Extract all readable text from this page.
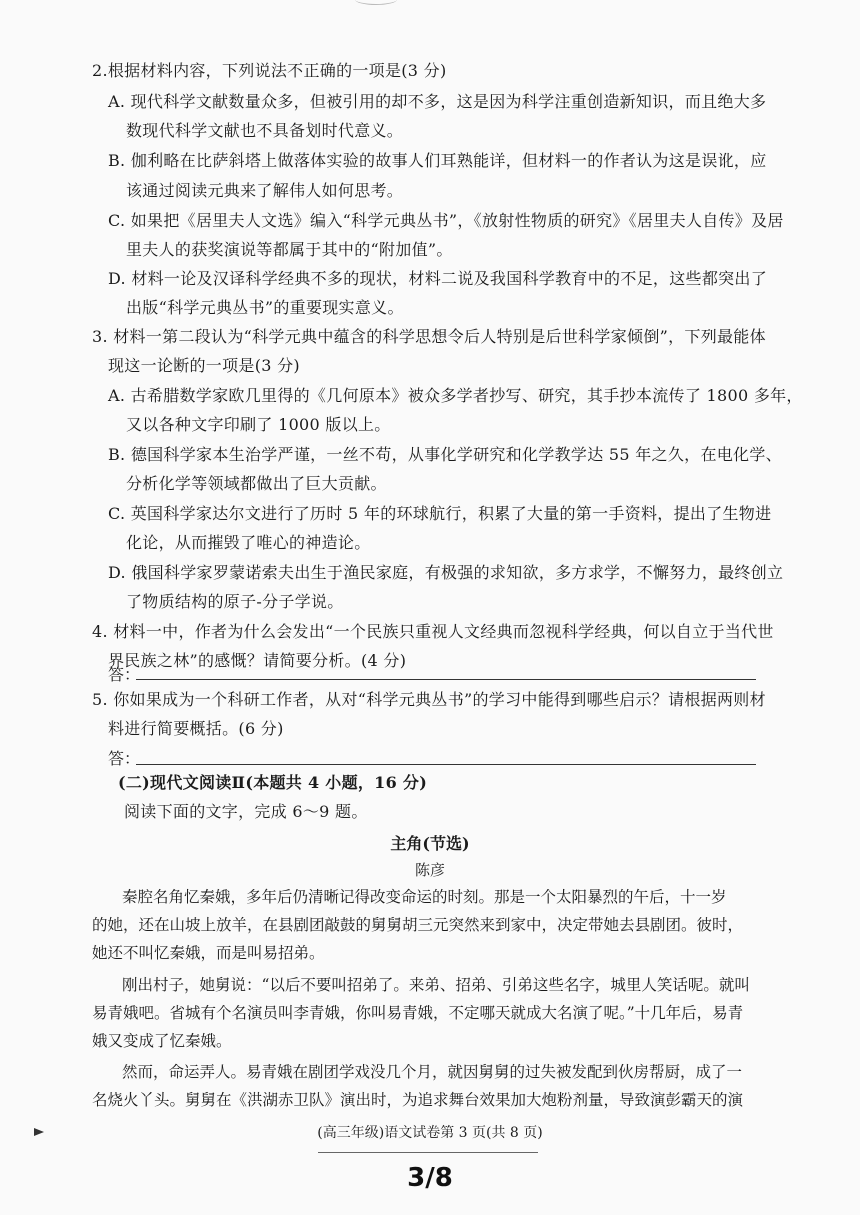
2.根据材料内容，下列说法不正确的一项是(3 分)
A. 现代科学文献数量众多，但被引用的却不多，这是因为科学注重创造新知识，而且绝大多
数现代科学文献也不具备划时代意义。
B. 伽利略在比萨斜塔上做落体实验的故事人们耳熟能详，但材料一的作者认为这是误讹，应
该通过阅读元典来了解伟人如何思考。
C. 如果把《居里夫人文选》编入“科学元典丛书”，《放射性物质的研究》《居里夫人自传》及居
里夫人的获奖演说等都属于其中的“附加值”。
D. 材料一论及汉译科学经典不多的现状，材料二说及我国科学教育中的不足，这些都突出了
出版“科学元典丛书”的重要现实意义。
3. 材料一第二段认为“科学元典中蕴含的科学思想令后人特别是后世科学家倾倒”，下列最能体
现这一论断的一项是(3 分)
A. 古希腊数学家欧几里得的《几何原本》被众多学者抄写、研究，其手抄本流传了 1800 多年，
又以各种文字印刷了 1000 版以上。
B. 德国科学家本生治学严谨，一丝不苟，从事化学研究和化学教学达 55 年之久，在电化学、
分析化学等领域都做出了巨大贡献。
C. 英国科学家达尔文进行了历时 5 年的环球航行，积累了大量的第一手资料，提出了生物进
化论，从而摧毁了唯心的神造论。
D. 俄国科学家罗蒙诺索夫出生于渔民家庭，有极强的求知欲，多方求学，不懈努力，最终创立
了物质结构的原子-分子学说。
4. 材料一中，作者为什么会发出“一个民族只重视人文经典而忽视科学经典，何以自立于当代世
界民族之林”的感慨？请简要分析。(4 分)
答：
5. 你如果成为一个科研工作者，从对“科学元典丛书”的学习中能得到哪些启示？请根据两则材
料进行简要概括。(6 分)
答：
(二)现代文阅读Ⅱ(本题共 4 小题，16 分)
阅读下面的文字，完成 6～9 题。
主角(节选)
陈彦
秦腔名角忆秦娥，多年后仍清晰记得改变命运的时刻。那是一个太阳暴烈的午后，十一岁
的她，还在山坡上放羊，在县剧团敲鼓的舅舅胡三元突然来到家中，决定带她去县剧团。彼时，
她还不叫忆秦娥，而是叫易招弟。
刚出村子，她舅说：“以后不要叫招弟了。来弟、招弟、引弟这些名字，城里人笑话呢。就叫
易青娥吧。省城有个名演员叫李青娥，你叫易青娥，不定哪天就成大名演了呢。”十几年后，易青
娥又变成了忆秦娥。
然而，命运弄人。易青娥在剧团学戏没几个月，就因舅舅的过失被发配到伙房帮厨，成了一
名烧火丫头。舅舅在《洪湖赤卫队》演出时，为追求舞台效果加大炮粉剂量，导致演彭霸天的演
(高三年级)语文试卷第 3 页(共 8 页)
3/8
